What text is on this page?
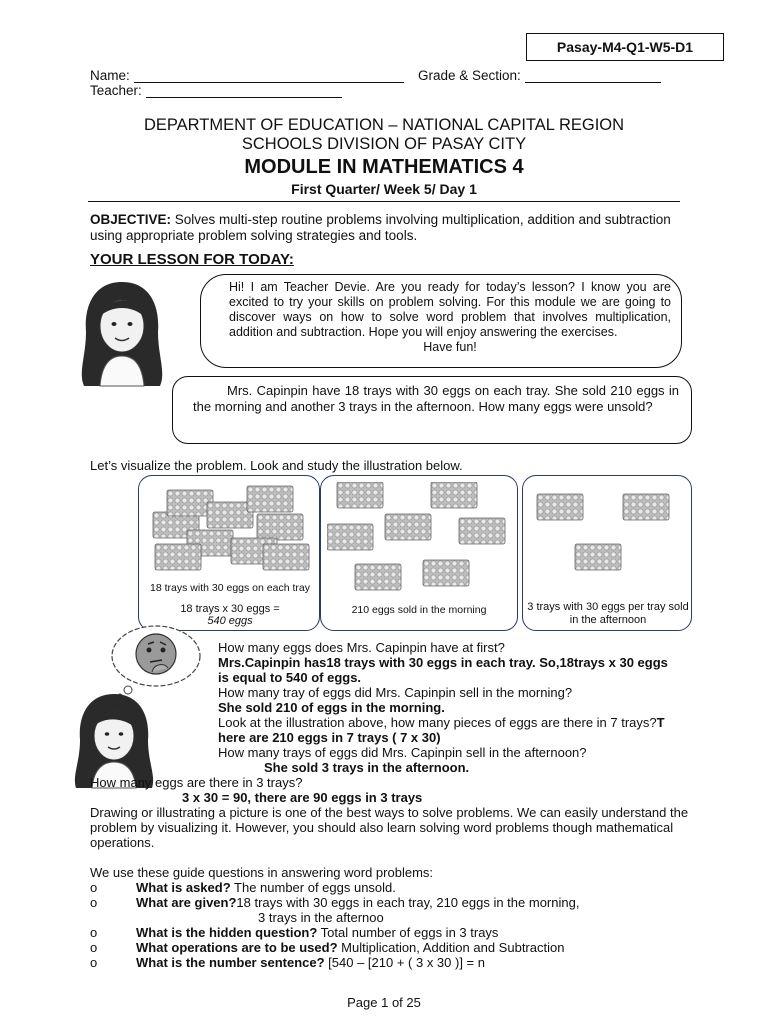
Pasay-M4-Q1-W5-D1
Name:	Grade & Section:
Teacher:
DEPARTMENT OF EDUCATION – NATIONAL CAPITAL REGION
SCHOOLS DIVISION OF PASAY CITY
MODULE IN MATHEMATICS 4
First Quarter/ Week 5/ Day 1
OBJECTIVE: Solves multi-step routine problems involving multiplication, addition and subtraction using appropriate problem solving strategies and tools.
YOUR LESSON FOR TODAY:
Hi! I am Teacher Devie. Are you ready for today’s lesson? I know you are excited to try your skills on problem solving. For this module we are going to discover ways on how to solve word problem that involves multiplication, addition and subtraction. Hope you will enjoy answering the exercises.
Have fun!
Mrs. Capinpin have 18 trays with 30 eggs on each tray. She sold 210 eggs in the morning and another 3 trays in the afternoon. How many eggs were unsold?
Let’s visualize the problem. Look and study the illustration below.
18 trays with 30 eggs on each tray
18 trays x 30 eggs =
540 eggs
210 eggs sold in the morning	3 trays with 30 eggs per tray sold in the afternoon
How many eggs does Mrs. Capinpin have at first?
Mrs.Capinpin has18 trays with 30 eggs in each tray. So,18trays x 30 eggs is equal to 540 of eggs.
How many tray of eggs did Mrs. Capinpin sell in the morning?
She sold 210 of eggs in the morning.
Look at the illustration above, how many pieces of eggs are there in 7 trays?T here are 210 eggs in 7 trays ( 7 x 30)
How many trays of eggs did Mrs. Capinpin sell in the afternoon?
She sold 3 trays in the afternoon.
How many eggs are there in 3 trays?
3 x 30 = 90, there are 90 eggs in 3 trays
Drawing or illustrating a picture is one of the best ways to solve problems. We can easily understand the problem by visualizing it. However, you should also learn solving word problems though mathematical operations.
We use these guide questions in answering word problems:
o	What is asked? The number of eggs unsold.
o	What are given?18 trays with 30 eggs in each tray, 210 eggs in the morning,
3 trays in the afternoo
o	What is the hidden question? Total number of eggs in 3 trays
o	What operations are to be used? Multiplication, Addition and Subtraction
o	What is the number sentence? [540 – [210 + ( 3 x 30 )] = n
Page 1 of 25
